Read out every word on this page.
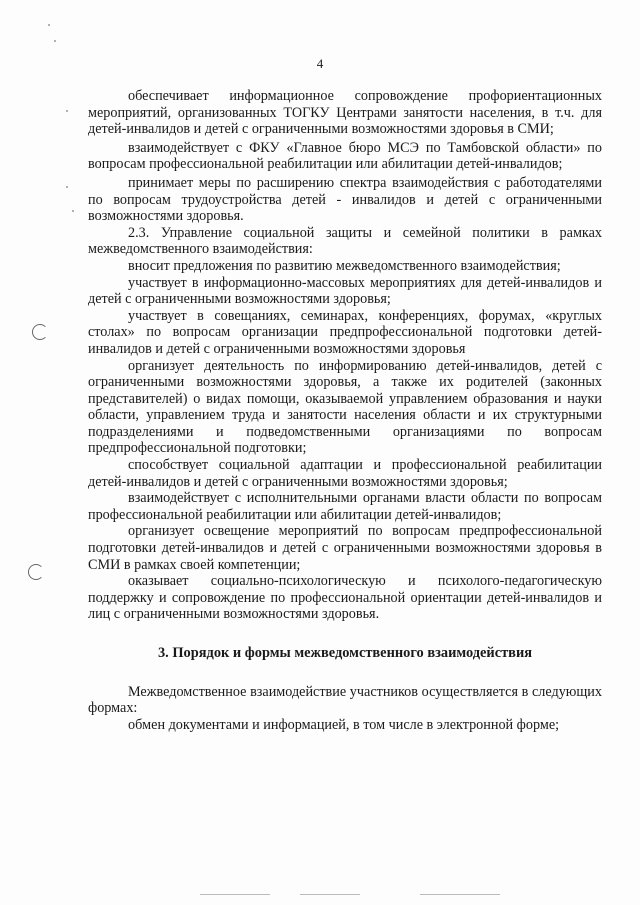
4

обеспечивает информационное сопровождение профориентационных мероприятий, организованных ТОГКУ Центрами занятости населения, в т.ч. для детей-инвалидов и детей с ограниченными возможностями здоровья в СМИ;

взаимодействует с ФКУ «Главное бюро МСЭ по Тамбовской области» по вопросам профессиональной реабилитации или абилитации детей-инвалидов;

принимает меры по расширению спектра взаимодействия с работодателями по вопросам трудоустройства детей - инвалидов и детей с ограниченными возможностями здоровья.

2.3. Управление социальной защиты и семейной политики в рамках межведомственного взаимодействия:

вносит предложения по развитию межведомственного взаимодействия;

участвует в информационно-массовых мероприятиях для детей-инвалидов и детей с ограниченными возможностями здоровья;

участвует в совещаниях, семинарах, конференциях, форумах, «круглых столах» по вопросам организации предпрофессиональной подготовки детей-инвалидов и детей с ограниченными возможностями здоровья

организует деятельность по информированию детей-инвалидов, детей с ограниченными возможностями здоровья, а также их родителей (законных представителей) о видах помощи, оказываемой управлением образования и науки области, управлением труда и занятости населения области и их структурными подразделениями и подведомственными организациями по вопросам предпрофессиональной подготовки;

способствует социальной адаптации и профессиональной реабилитации детей-инвалидов и детей с ограниченными возможностями здоровья;

взаимодействует с исполнительными органами власти области по вопросам профессиональной реабилитации или абилитации детей-инвалидов;

организует освещение мероприятий по вопросам предпрофессиональной подготовки детей-инвалидов и детей с ограниченными возможностями здоровья в СМИ в рамках своей компетенции;

оказывает социально-психологическую и психолого-педагогическую поддержку и сопровождение по профессиональной ориентации детей-инвалидов и лиц с ограниченными возможностями здоровья.

3. Порядок и формы межведомственного взаимодействия

Межведомственное взаимодействие участников осуществляется в следующих формах:

обмен документами и информацией, в том числе в электронной форме;
